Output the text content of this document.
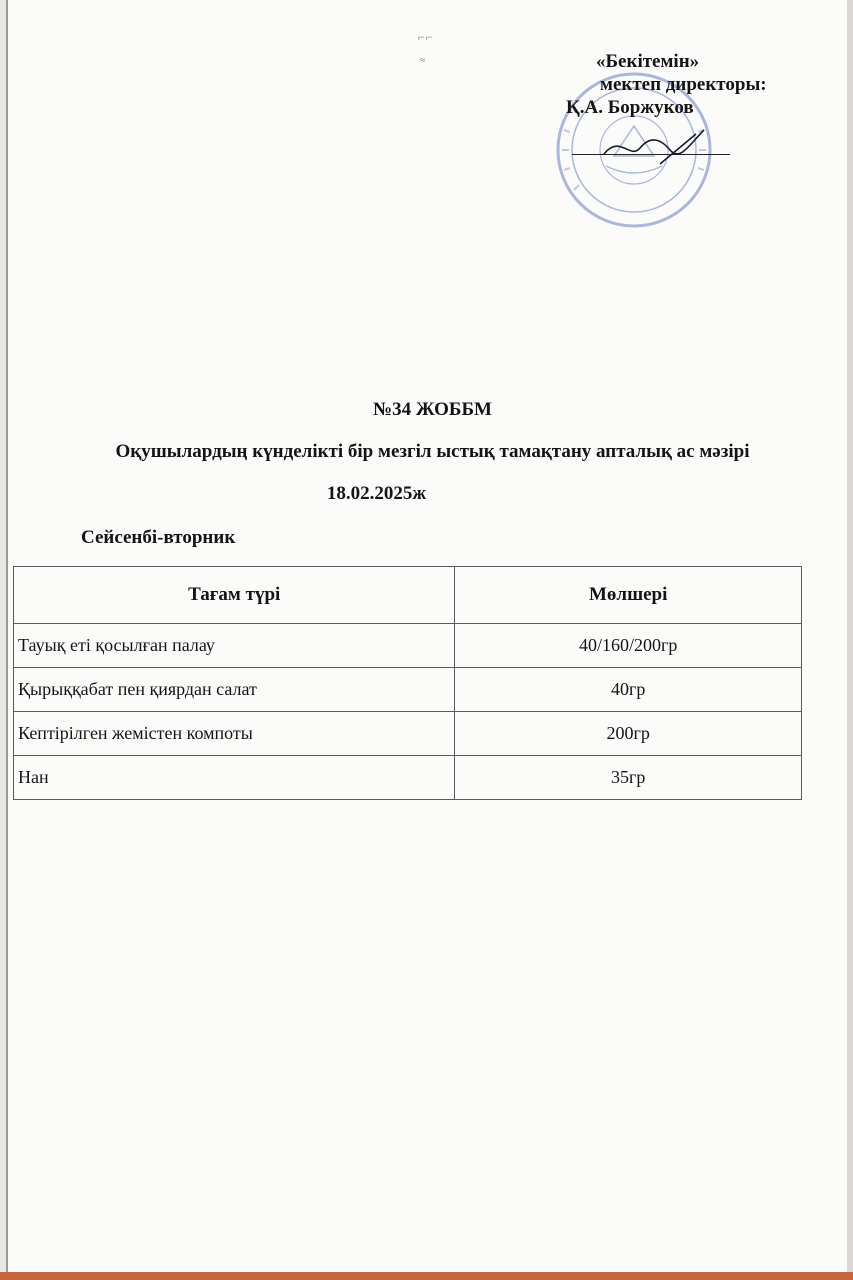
⌐⌐
≈	«Бекітемін»
мектеп директоры:
Қ.А. Боржуков
№34 ЖОББМ
Оқушылардың күнделікті бір мезгіл ыстық тамақтану апталық ас мәзірі
18.02.2025ж
Сейсенбі-вторник
Тағам түрі	Мөлшері
Тауық еті қосылған палау	40/160/200гр
Қырыққабат пен қиярдан салат	40гр
Кептірілген жемістен компоты	200гр
Нан	35гр
